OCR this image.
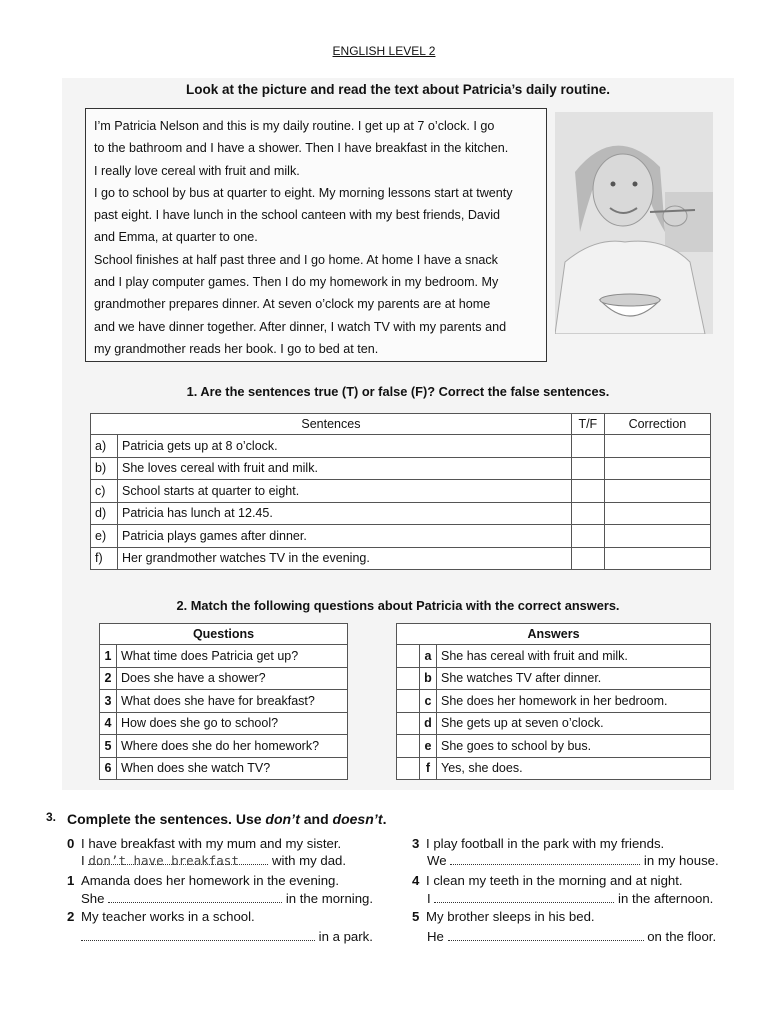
ENGLISH LEVEL 2
Look at the picture and read the text about Patricia’s daily routine.

I’m Patricia Nelson and this is my daily routine. I get up at 7 o’clock. I go

to the bathroom and I have a shower. Then I have breakfast in the kitchen.

I really love cereal with fruit and milk.

I go to school by bus at quarter to eight. My morning lessons start at twenty

past eight. I have lunch in the school canteen with my best friends, David

and Emma, at quarter to one.

School finishes at half past three and I go home. At home I have a snack

and I play computer games. Then I do my homework in my bedroom. My

grandmother prepares dinner. At seven o’clock my parents are at home

and we have dinner together. After dinner, I watch TV with my parents and

my grandmother reads her book. I go to bed at ten.

1. Are the sentences true (T) or false (F)? Correct the false sentences.
Sentences		T/F	Correction
a)	Patricia gets up at 8 o’clock.		
b)	She loves cereal with fruit and milk.		
c)	School starts at quarter to eight.		
d)	Patricia has lunch at 12.45.		
e)	Patricia plays games after dinner.		
f)	Her grandmother watches TV in the evening.		
2. Match the following questions about Patricia with the correct answers.
Questions	
1	What time does Patricia get up?
2	Does she have a shower?
3	What does she have for breakfast?
4	How does she go to school?
5	Where does she do her homework?
6	When does she watch TV?
Answers		
	a	She has cereal with fruit and milk.
	b	She watches TV after dinner.
	c	She does her homework in her bedroom.
	d	She gets up at seven o’clock.
	e	She goes to school by bus.
	f	Yes, she does.
3. Complete the sentences. Use don’t and doesn’t.
0 I have breakfast with my mum and my sister.
I don’t have breakfast	with my dad.
1 Amanda does her homework in the evening.
She	in the morning.
2 My teacher works in a school.
in a park.
3 I play football in the park with my friends.
We	in my house.
4 I clean my teeth in the morning and at night.
I	in the afternoon.
5 My brother sleeps in his bed.
He	on the floor.
